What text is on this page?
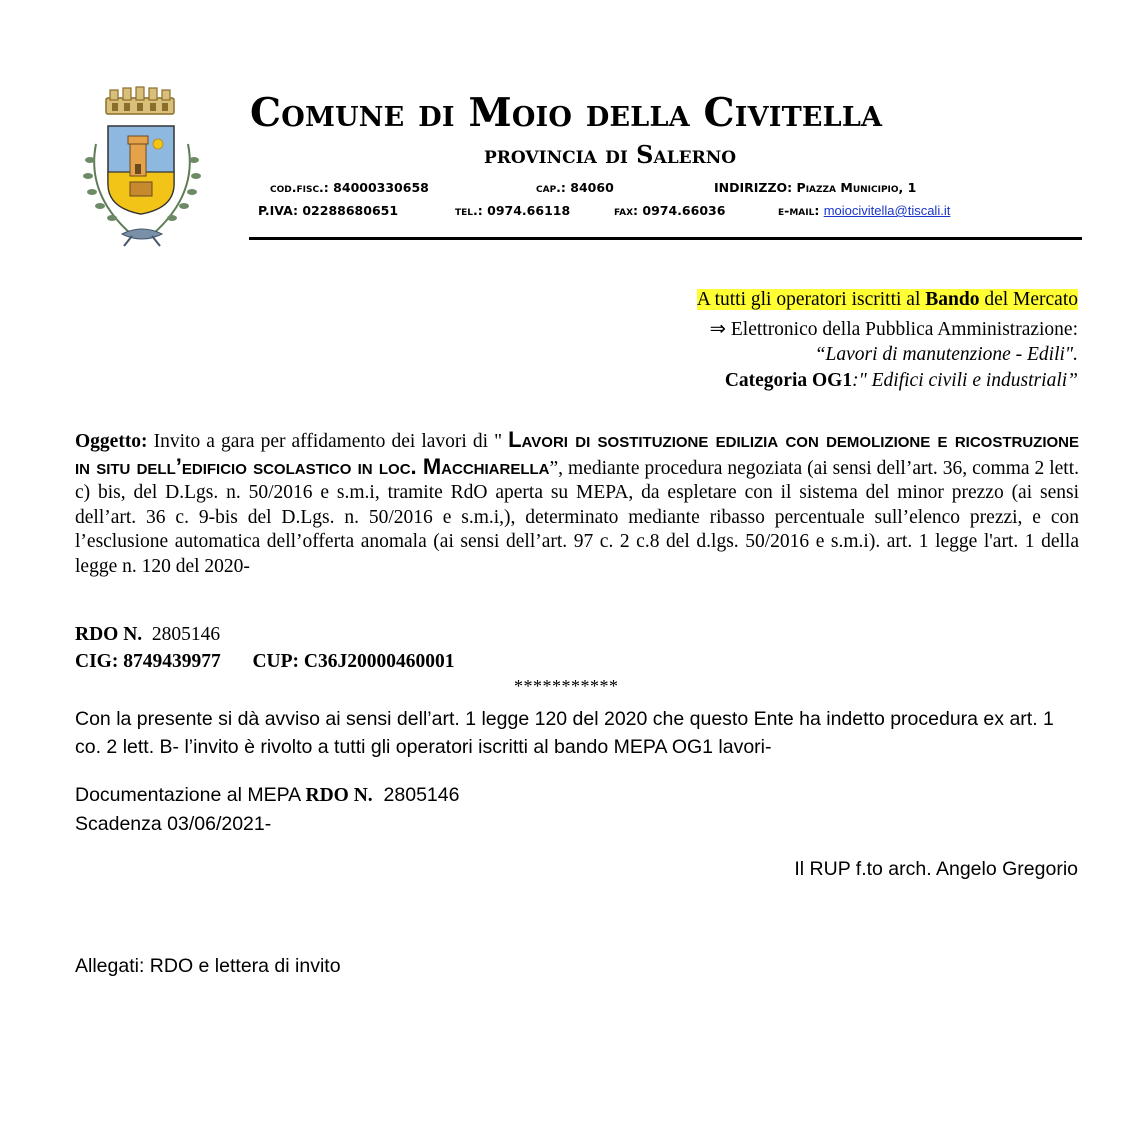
Comune di Moio della Civitella
provincia di Salerno
cod.fisc.: 84000330658	cap.: 84060	INDIRIZZO: Piazza Municipio, 1
P.IVA: 02288680651	tel.: 0974.66118	fax: 0974.66036	e-mail: moiocivitella@tiscali.it
A tutti gli operatori iscritti al Bando del Mercato
⇒ Elettronico della Pubblica Amministrazione:
“Lavori di manutenzione - Edili".
Categoria OG1:" Edifici civili e industriali”
Oggetto: Invito a gara per affidamento dei lavori di " Lavori di sostituzione edilizia con demolizione e ricostruzione in situ dell’edificio scolastico in loc. Macchiarella”, mediante procedura negoziata (ai sensi dell’art. 36, comma 2 lett. c) bis, del D.Lgs. n. 50/2016 e s.m.i, tramite RdO aperta su MEPA, da espletare con il sistema del minor prezzo (ai sensi dell’art. 36 c. 9-bis del D.Lgs. n. 50/2016 e s.m.i,), determinato mediante ribasso percentuale sull’elenco prezzi, e con l’esclusione automatica dell’offerta anomala (ai sensi dell’art. 97 c. 2 c.8 del d.lgs. 50/2016 e s.m.i). art. 1 legge l'art. 1 della legge n. 120 del 2020-
RDO N. 2805146
CIG: 8749439977 CUP: C36J20000460001
***********
Con la presente si dà avviso ai sensi dell’art. 1 legge 120 del 2020 che questo Ente ha indetto procedura ex art. 1 co. 2 lett. B- l’invito è rivolto a tutti gli operatori iscritti al bando MEPA OG1 lavori-
Documentazione al MEPA RDO N. 2805146
Scadenza 03/06/2021-
Il RUP f.to arch. Angelo Gregorio
Allegati: RDO e lettera di invito
